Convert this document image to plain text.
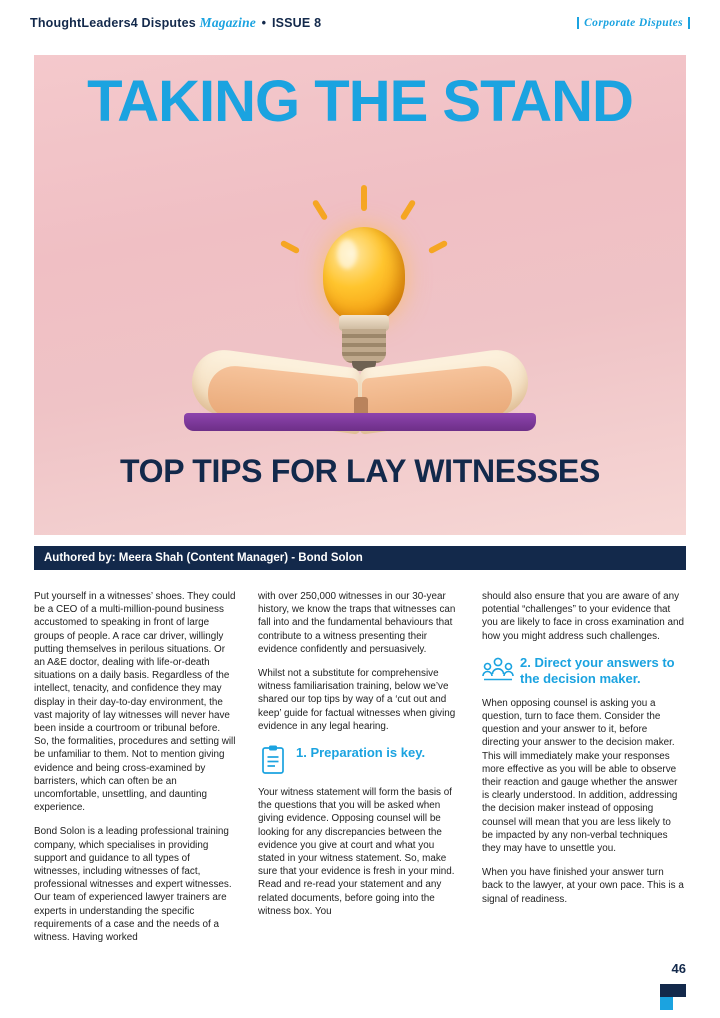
ThoughtLeaders4 Disputes Magazine • ISSUE 8	Corporate Disputes
TAKING THE STAND
TOP TIPS FOR LAY WITNESSES
Authored by: Meera Shah (Content Manager) - Bond Solon

Put yourself in a witnesses’ shoes. They could be a CEO of a multi-million-pound business accustomed to speaking in front of large groups of people. A race car driver, willingly putting themselves in perilous situations. Or an A&E doctor, dealing with life-or-death situations on a daily basis. Regardless of the intellect, tenacity, and confidence they may display in their day-to-day environment, the vast majority of lay witnesses will never have been inside a courtroom or tribunal before. So, the formalities, procedures and setting will be unfamiliar to them. Not to mention giving evidence and being cross-examined by barristers, which can often be an uncomfortable, unsettling, and daunting experience.

Bond Solon is a leading professional training company, which specialises in providing support and guidance to all types of witnesses, including witnesses of fact, professional witnesses and expert witnesses. Our team of experienced lawyer trainers are experts in understanding the specific requirements of a case and the needs of a witness. Having worked

with over 250,000 witnesses in our 30-year history, we know the traps that witnesses can fall into and the fundamental behaviours that contribute to a witness presenting their evidence confidently and persuasively.

Whilst not a substitute for comprehensive witness familiarisation training, below we’ve shared our top tips by way of a ‘cut out and keep’ guide for factual witnesses when giving evidence in any legal hearing.

1. Preparation is key.

Your witness statement will form the basis of the questions that you will be asked when giving evidence. Opposing counsel will be looking for any discrepancies between the evidence you give at court and what you stated in your witness statement. So, make sure that your evidence is fresh in your mind. Read and re-read your statement and any related documents, before going into the witness box. You

should also ensure that you are aware of any potential “challenges” to your evidence that you are likely to face in cross examination and how you might address such challenges.

2. Direct your answers to the decision maker.

When opposing counsel is asking you a question, turn to face them. Consider the question and your answer to it, before directing your answer to the decision maker. This will immediately make your responses more effective as you will be able to observe their reaction and gauge whether the answer is clearly understood. In addition, addressing the decision maker instead of opposing counsel will mean that you are less likely to be impacted by any non-verbal techniques they may have to unsettle you.

When you have finished your answer turn back to the lawyer, at your own pace. This is a signal of readiness.

46
